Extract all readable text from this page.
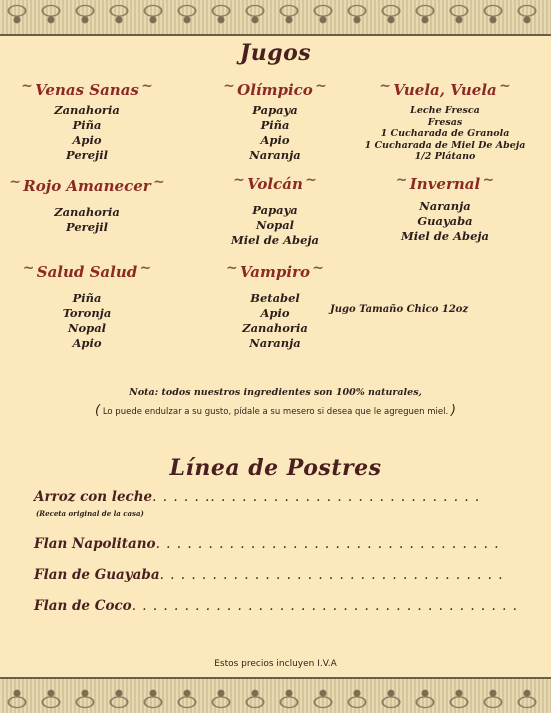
Jugos
~ Venas Sanas ~
Zanahoria
Piña
Apio
Perejil
~ Olímpico ~
Papaya
Piña
Apio
Naranja
~ Vuela, Vuela ~
Leche Fresca
Fresas
1 Cucharada de Granola
1 Cucharada de Miel De Abeja
1/2 Plátano
~ Rojo Amanecer ~
Zanahoria
Perejil
~ Volcán ~
Papaya
Nopal
Miel de Abeja
~ Invernal ~
Naranja
Guayaba
Miel de Abeja
~ Salud Salud ~
Piña
Toronja
Nopal
Apio
~ Vampiro ~
Betabel
Apio
Zanahoria
Naranja
Jugo Tamaño Chico 12oz
Nota: todos nuestros ingredientes son 100% naturales,
( Lo puede endulzar a su gusto, pídale a su mesero si desea que le agreguen miel. )
Línea de Postres
Arroz con leche. . . . . .. . . . . . . . . . . . . . . . . . . . . . . . . .
(Receta original de la casa)
Flan Napolitano. . . . . . . . . . . . . . . . . . . . . . . . . . . . . . . . .
Flan de Guayaba. . . . . . . . . . . . . . . . . . . . . . . . . . . . . . . . .
Flan de Coco. . . . . . . . . . . . . . . . . . . . . . . . . . . . . . . . . . . . .
Estos precios incluyen I.V.A
